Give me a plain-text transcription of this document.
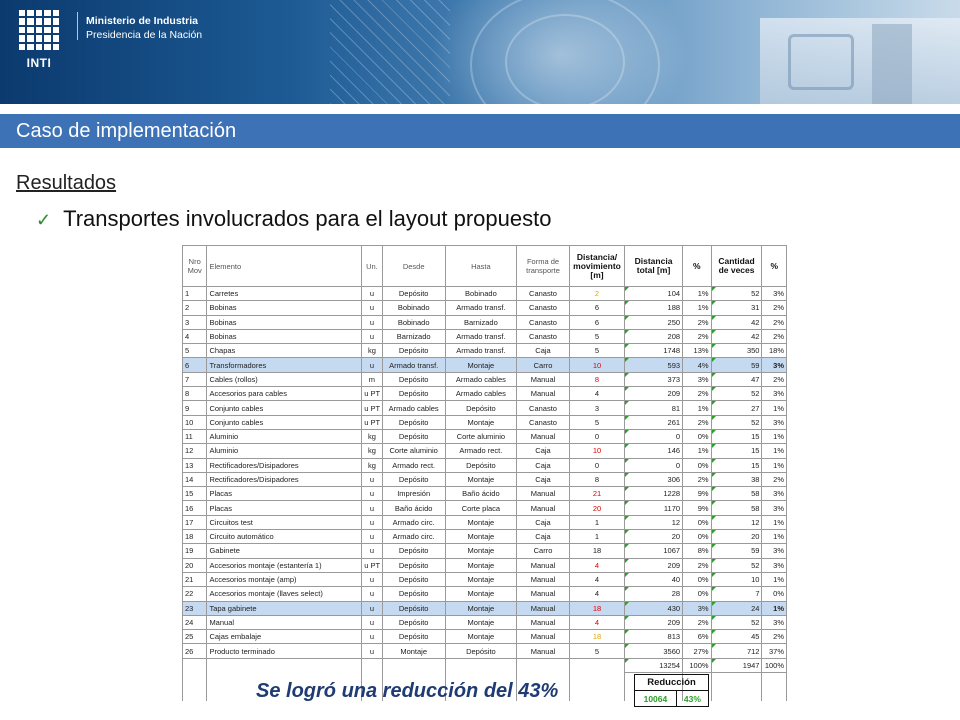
INTI
Ministerio de Industria
Presidencia de la Nación
Caso de implementación
Resultados
✓ Transportes involucrados para el layout propuesto
Nro Mov	Elemento	Un.	Desde	Hasta	Forma de transporte	Distancia/ movimiento [m]	Distancia total [m]	%	Cantidad de veces	%
1	Carretes	u	Depósito	Bobinado	Canasto	2	104	1%	52	3%
2	Bobinas	u	Bobinado	Armado transf.	Canasto	6	188	1%	31	2%
3	Bobinas	u	Bobinado	Barnizado	Canasto	6	250	2%	42	2%
4	Bobinas	u	Barnizado	Armado transf.	Canasto	5	208	2%	42	2%
5	Chapas	kg	Depósito	Armado transf.	Caja	5	1748	13%	350	18%
6	Transformadores	u	Armado transf.	Montaje	Carro	10	593	4%	59	3%
7	Cables (rollos)	m	Depósito	Armado cables	Manual	8	373	3%	47	2%
8	Accesorios para cables	u PT	Depósito	Armado cables	Manual	4	209	2%	52	3%
9	Conjunto cables	u PT	Armado cables	Depósito	Canasto	3	81	1%	27	1%
10	Conjunto cables	u PT	Depósito	Montaje	Canasto	5	261	2%	52	3%
11	Aluminio	kg	Depósito	Corte aluminio	Manual	0	0	0%	15	1%
12	Aluminio	kg	Corte aluminio	Armado rect.	Caja	10	146	1%	15	1%
13	Rectificadores/Disipadores	kg	Armado rect.	Depósito	Caja	0	0	0%	15	1%
14	Rectificadores/Disipadores	u	Depósito	Montaje	Caja	8	306	2%	38	2%
15	Placas	u	Impresión	Baño ácido	Manual	21	1228	9%	58	3%
16	Placas	u	Baño ácido	Corte placa	Manual	20	1170	9%	58	3%
17	Circuitos test	u	Armado circ.	Montaje	Caja	1	12	0%	12	1%
18	Circuito automático	u	Armado circ.	Montaje	Caja	1	20	0%	20	1%
19	Gabinete	u	Depósito	Montaje	Carro	18	1067	8%	59	3%
20	Accesorios montaje (estantería 1)	u PT	Depósito	Montaje	Manual	4	209	2%	52	3%
21	Accesorios montaje (amp)	u	Depósito	Montaje	Manual	4	40	0%	10	1%
22	Accesorios montaje (llaves select)	u	Depósito	Montaje	Manual	4	28	0%	7	0%
23	Tapa gabinete	u	Depósito	Montaje	Manual	18	430	3%	24	1%
24	Manual	u	Depósito	Montaje	Manual	4	209	2%	52	3%
25	Cajas embalaje	u	Depósito	Montaje	Manual	18	813	6%	45	2%
26	Producto terminado	u	Montaje	Depósito	Manual	5	3560	27%	712	37%
							13254	100%	1947	100%

Reducción
10064	43%
Se logró una reducción del 43%
